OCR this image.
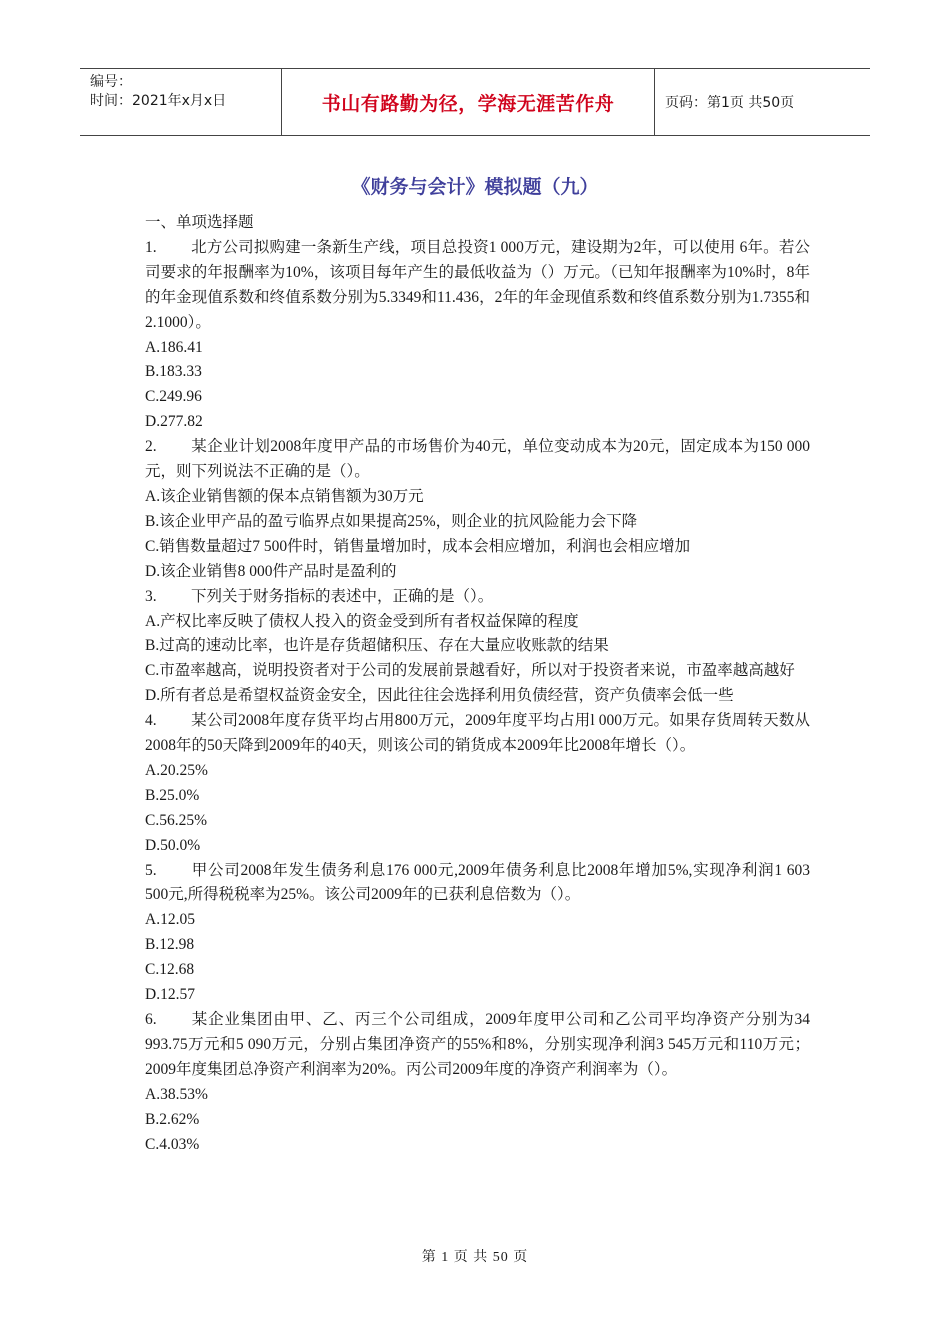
编号：
时间：2021年x月x日	书山有路勤为径，学海无涯苦作舟	页码：第1页 共50页
《财务与会计》模拟题（九）

一、单项选择题

1. 北方公司拟购建一条新生产线，项目总投资1 000万元，建设期为2年，可以使用 6年。若公司要求的年报酬率为10%，该项目每年产生的最低收益为（）万元。（已知年报酬率为10%时，8年的年金现值系数和终值系数分别为5.3349和11.436，2年的年金现值系数和终值系数分别为1.7355和2.1000）。

A.186.41

B.183.33

C.249.96

D.277.82

2. 某企业计划2008年度甲产品的市场售价为40元，单位变动成本为20元，固定成本为150 000元，则下列说法不正确的是（）。

A.该企业销售额的保本点销售额为30万元

B.该企业甲产品的盈亏临界点如果提高25%，则企业的抗风险能力会下降

C.销售数量超过7 500件时，销售量增加时，成本会相应增加，利润也会相应增加

D.该企业销售8 000件产品时是盈利的

3. 下列关于财务指标的表述中，正确的是（）。

A.产权比率反映了债权人投入的资金受到所有者权益保障的程度

B.过高的速动比率，也许是存货超储积压、存在大量应收账款的结果

C.市盈率越高，说明投资者对于公司的发展前景越看好，所以对于投资者来说，市盈率越高越好

D.所有者总是希望权益资金安全，因此往往会选择利用负债经营，资产负债率会低一些

4. 某公司2008年度存货平均占用800万元，2009年度平均占用l 000万元。如果存货周转天数从2008年的50天降到2009年的40天，则该公司的销货成本2009年比2008年增长（）。

A.20.25%

B.25.0%

C.56.25%

D.50.0%

5. 甲公司2008年发生债务利息176 000元,2009年债务利息比2008年增加5%,实现净利润1 603 500元,所得税税率为25%。该公司2009年的已获利息倍数为（）。

A.12.05

B.12.98

C.12.68

D.12.57

6. 某企业集团由甲、乙、丙三个公司组成，2009年度甲公司和乙公司平均净资产分别为34 993.75万元和5 090万元，分别占集团净资产的55%和8%，分别实现净利润3 545万元和110万元；2009年度集团总净资产利润率为20%。丙公司2009年度的净资产利润率为（）。

A.38.53%

B.2.62%

C.4.03%

第 1 页 共 50 页
